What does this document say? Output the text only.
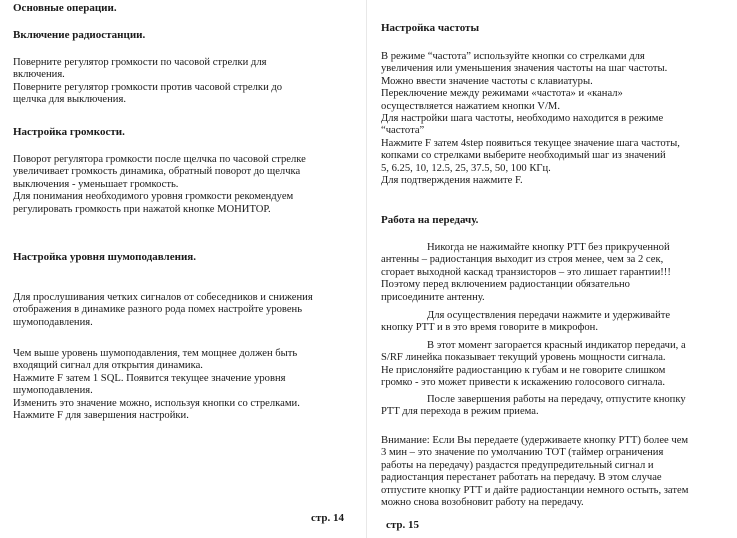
Основные операции.
Включение радиостанции.
Поверните регулятор громкости по часовой стрелки для
включения.
Поверните регулятор громкости против часовой стрелки до
щелчка для выключения.
Настройка громкости.
Поворот регулятора громкости после щелчка по часовой стрелке
увеличивает громкость динамика, обратный поворот до щелчка
выключения - уменьшает громкость.
Для понимания необходимого уровня громкости рекомендуем
регулировать громкость при нажатой кнопке МОНИТОР.
Настройка уровня шумоподавления.
Для прослушивания четких сигналов от собеседников и снижения
отображения в динамике разного рода помех настройте уровень
шумоподавления.
Чем выше уровень шумоподавления, тем мощнее должен быть
входящий сигнал для открытия динамика.
Нажмите F затем 1 SQL. Появится текущее значение уровня
шумоподавления.
Изменить это значение можно, используя кнопки со стрелками.
Нажмите F для завершения настройки.
стр. 14
Настройка частоты
В режиме “частота” используйте кнопки со стрелками для
увеличения или уменьшения значения частоты на шаг частоты.
Можно ввести значение частоты с клавиатуры.
Переключение между режимами «частота» и «канал»
осуществляется нажатием кнопки V/M.
Для настройки шага частоты, необходимо находится в режиме
“частота”
Нажмите F затем 4step появиться текущее значение шага частоты,
копками со стрелками выберите необходимый шаг из значений
5, 6.25, 10, 12.5, 25, 37.5, 50, 100 КГц.
Для подтверждения нажмите F.
Работа на передачу.
Никогда не нажимайте кнопку PTT без прикрученной
антенны – радиостанция выходит из строя менее, чем за 2 сек,
сгорает выходной каскад транзисторов – это лишает гарантии!!!
Поэтому перед включением радиостанции обязательно
присоедините антенну.
Для осуществления передачи нажмите и удерживайте
кнопку PTT и в это время говорите в микрофон.
В этот момент загорается красный индикатор передачи, а
S/RF линейка показывает текущий уровень мощности сигнала.
Не прислоняйте радиостанцию к губам и не говорите слишком
громко - это может привести к искажению голосового сигнала.
После завершения работы на передачу, отпустите кнопку
PTT для перехода в режим приема.
Внимание: Если Вы передаете (удерживаете кнопку PTT) более чем
3 мин – это значение по умолчанию TOT (таймер ограничения
работы на передачу) раздастся предупредительный сигнал и
радиостанция перестанет работать на передачу. В этом случае
отпустите кнопку PTT и дайте радиостанции немного остыть, затем
можно снова возобновит работу на передачу.
стр. 15
